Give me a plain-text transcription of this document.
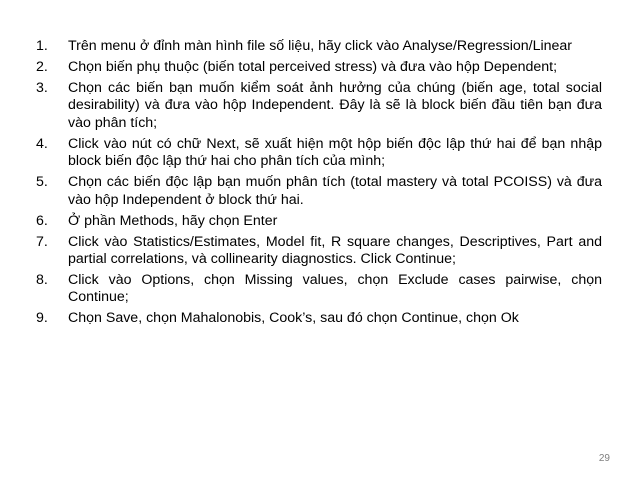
1.	Trên menu ở đỉnh màn hình file số liệu, hãy click vào Analyse/Regression/Linear
2.	Chọn biến phụ thuộc (biến total perceived stress) và đưa vào hộp Dependent;
3.	Chọn các biến bạn muốn kiểm soát ảnh hưởng của chúng (biến age, total social desirability) và đưa vào hộp Independent. Đây là sẽ là block biến đầu tiên bạn đưa vào phân tích;
4.	Click vào nút có chữ Next, sẽ xuất hiện một hộp biến độc lập thứ hai để bạn nhập block biến độc lập thứ hai cho phân tích của mình;
5.	Chọn các biến độc lập bạn muốn phân tích (total mastery và total PCOISS) và đưa vào hộp Independent ở block thứ hai.
6.	Ở phần Methods, hãy chọn Enter
7.	Click vào Statistics/Estimates, Model fit, R square changes, Descriptives, Part and partial correlations, và collinearity diagnostics. Click Continue;
8.	Click vào Options, chọn Missing values, chọn Exclude cases pairwise, chọn Continue;
9.	Chọn Save, chọn Mahalonobis, Cook’s, sau đó chọn Continue, chọn Ok
29
